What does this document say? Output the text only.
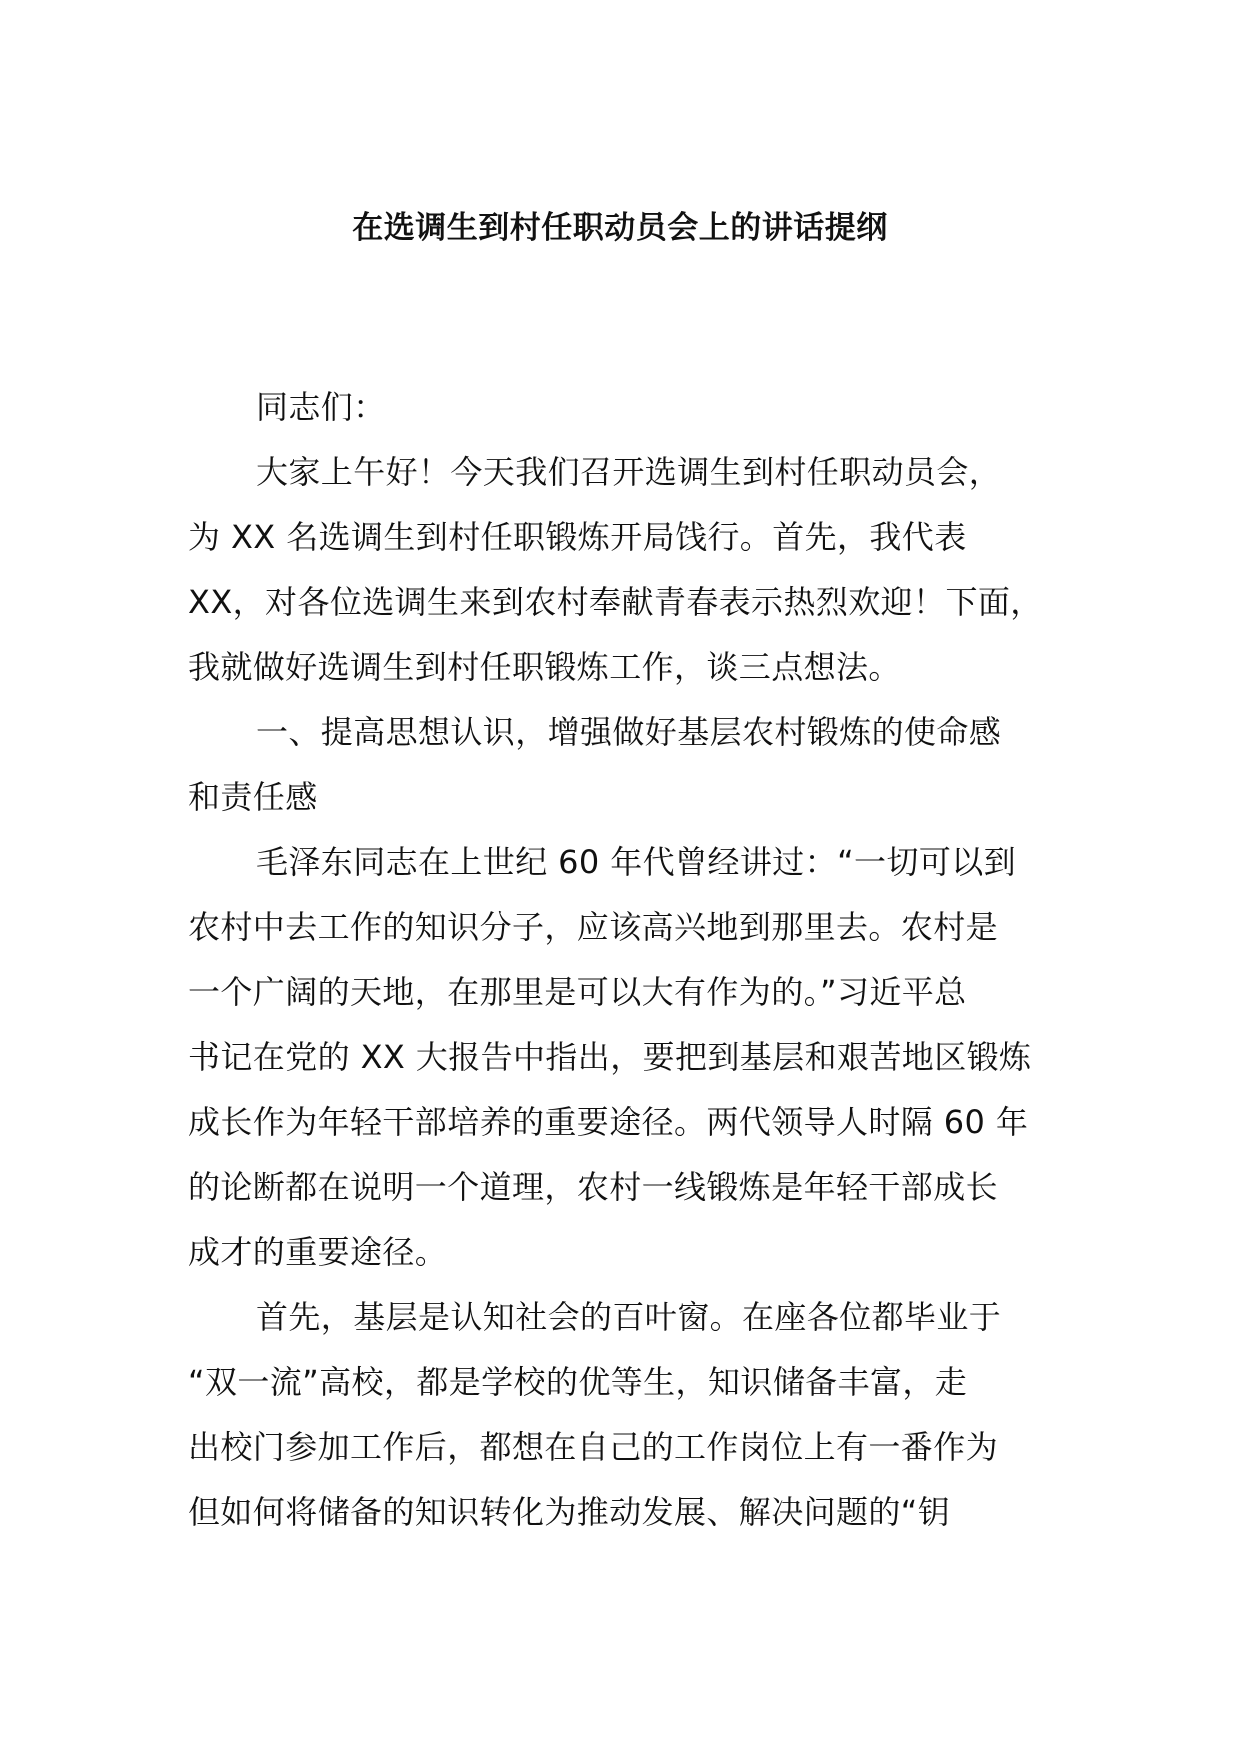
在选调生到村任职动员会上的讲话提纲
同志们：
大家上午好！今天我们召开选调生到村任职动员会，
为 XX 名选调生到村任职锻炼开局饯行。首先，我代表
XX，对各位选调生来到农村奉献青春表示热烈欢迎！下面，
我就做好选调生到村任职锻炼工作，谈三点想法。
一、提高思想认识，增强做好基层农村锻炼的使命感
和责任感
毛泽东同志在上世纪 60 年代曾经讲过：“一切可以到
农村中去工作的知识分子，应该高兴地到那里去。农村是
一个广阔的天地，在那里是可以大有作为的。”习近平总
书记在党的 XX 大报告中指出，要把到基层和艰苦地区锻炼
成长作为年轻干部培养的重要途径。两代领导人时隔 60 年
的论断都在说明一个道理，农村一线锻炼是年轻干部成长
成才的重要途径。
首先，基层是认知社会的百叶窗。在座各位都毕业于
“双一流”高校，都是学校的优等生，知识储备丰富，走
出校门参加工作后，都想在自己的工作岗位上有一番作为
但如何将储备的知识转化为推动发展、解决问题的“钥
